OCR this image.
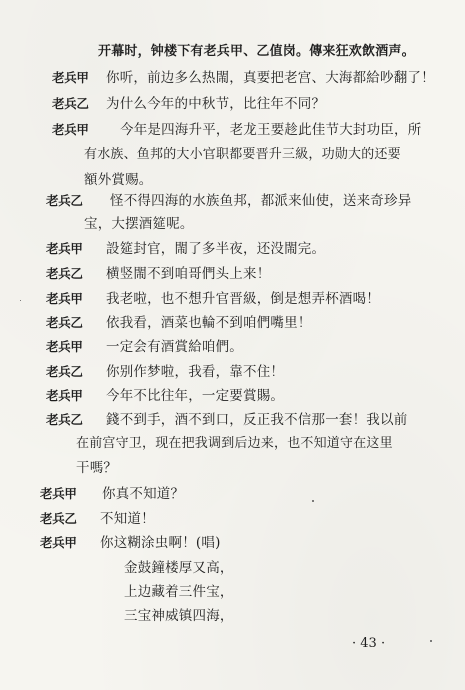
开幕时，钟楼下有老兵甲、乙值岗。傳来狂欢飲酒声。
老兵甲 你听，前边多么热閙，真要把老宫、大海都給吵翻了！
老兵乙 为什么今年的中秋节，比往年不同？
老兵甲 今年是四海升平，老龙王要趁此佳节大封功臣，所
有水族、鱼邦的大小官职都要晋升三級，功勋大的还要
額外賞赐。
老兵乙 怪不得四海的水族鱼邦，都派来仙使，送来奇珍异
宝，大摆酒筵呢。
老兵甲 設筵封官，閙了多半夜，还没閙完。
老兵乙 横竖閙不到咱哥們头上来！
老兵甲 我老啦，也不想升官晋級，倒是想弄杯酒喝！
老兵乙 依我看，酒菜也輪不到咱們嘴里！
老兵甲 一定会有酒賞給咱們。
老兵乙 你别作梦啦，我看，靠不住！
老兵甲 今年不比往年，一定要賞賜。
老兵乙 錢不到手，酒不到口，反正我不信那一套！我以前
在前宫守卫，现在把我调到后边来，也不知道守在这里
干嗎？
老兵甲 你真不知道？
老兵乙 不知道！
老兵甲 你这糊涂虫啊！(唱)
金鼓鐘楼厚又高，
上边藏着三件宝，
三宝神威镇四海，
· 43 ·
